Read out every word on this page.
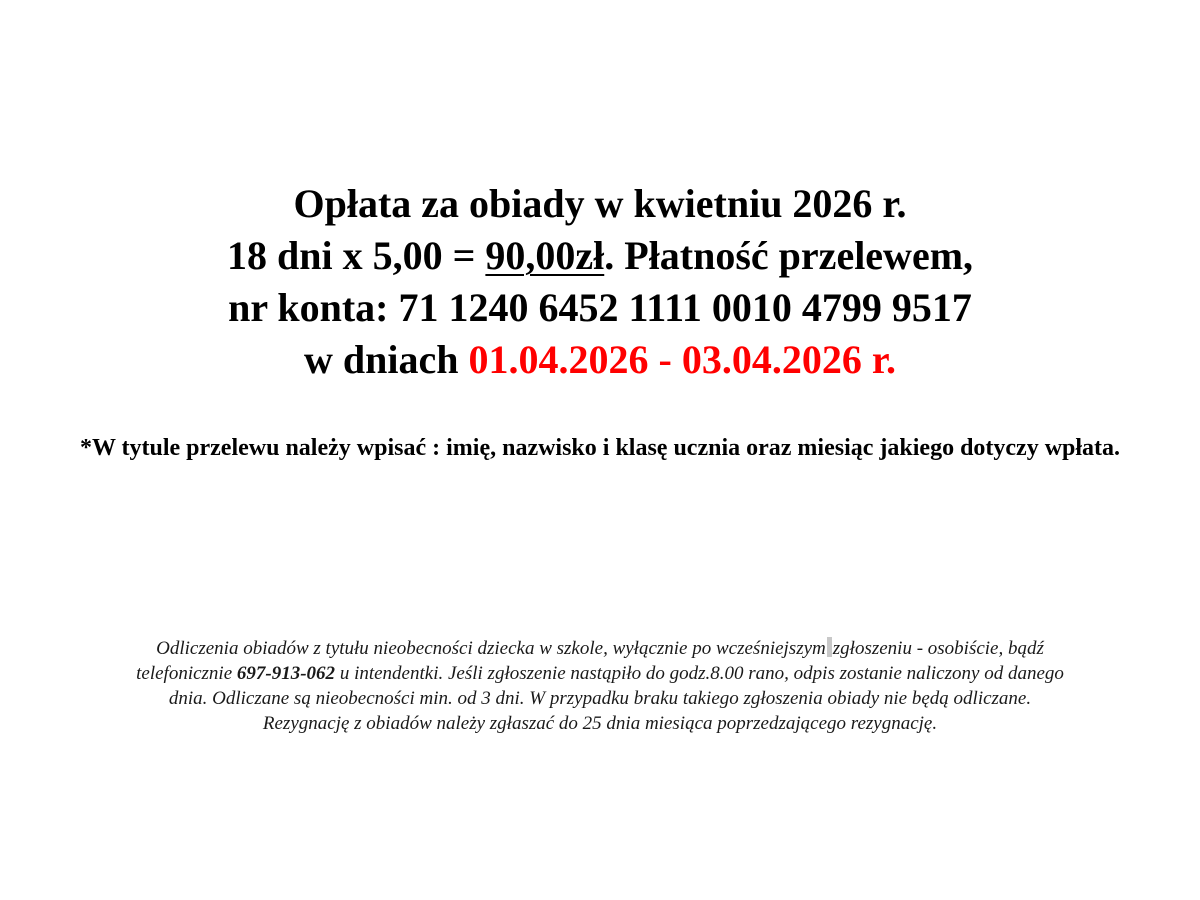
Opłata za obiady w kwietniu 2026 r.
18 dni x 5,00 = 90,00zł. Płatność przelewem,
nr konta: 71 1240 6452 1111 0010 4799 9517
w dniach 01.04.2026 - 03.04.2026 r.
*W tytule przelewu należy wpisać : imię, nazwisko i klasę ucznia oraz miesiąc jakiego dotyczy wpłata.
Odliczenia obiadów z tytułu nieobecności dziecka w szkole, wyłącznie po wcześniejszym zgłoszeniu - osobiście, bądź
telefonicznie 697-913-062 u intendentki. Jeśli zgłoszenie nastąpiło do godz.8.00 rano, odpis zostanie naliczony od danego
dnia. Odliczane są nieobecności min. od 3 dni. W przypadku braku takiego zgłoszenia obiady nie będą odliczane.
Rezygnację z obiadów należy zgłaszać do 25 dnia miesiąca poprzedzającego rezygnację.
